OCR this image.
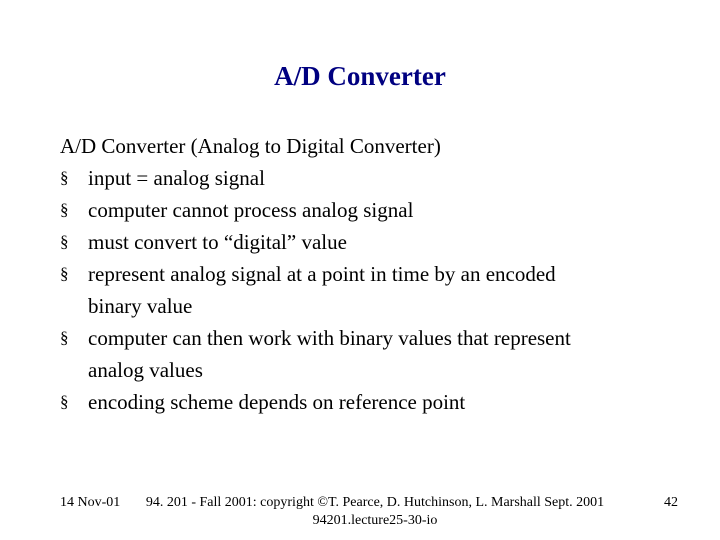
A/D Converter

A/D Converter (Analog to Digital Converter)

§ input = analog signal
§ computer cannot process analog signal
§ must convert to “digital” value
§ represent analog signal at a point in time by an encoded
binary value
§ computer can then work with binary values that represent
analog values
§ encoding scheme depends on reference point
14 Nov-01	94. 201 - Fall 2001: copyright ©T. Pearce, D. Hutchinson, L. Marshall Sept. 2001
94201.lecture25-30-io
42
